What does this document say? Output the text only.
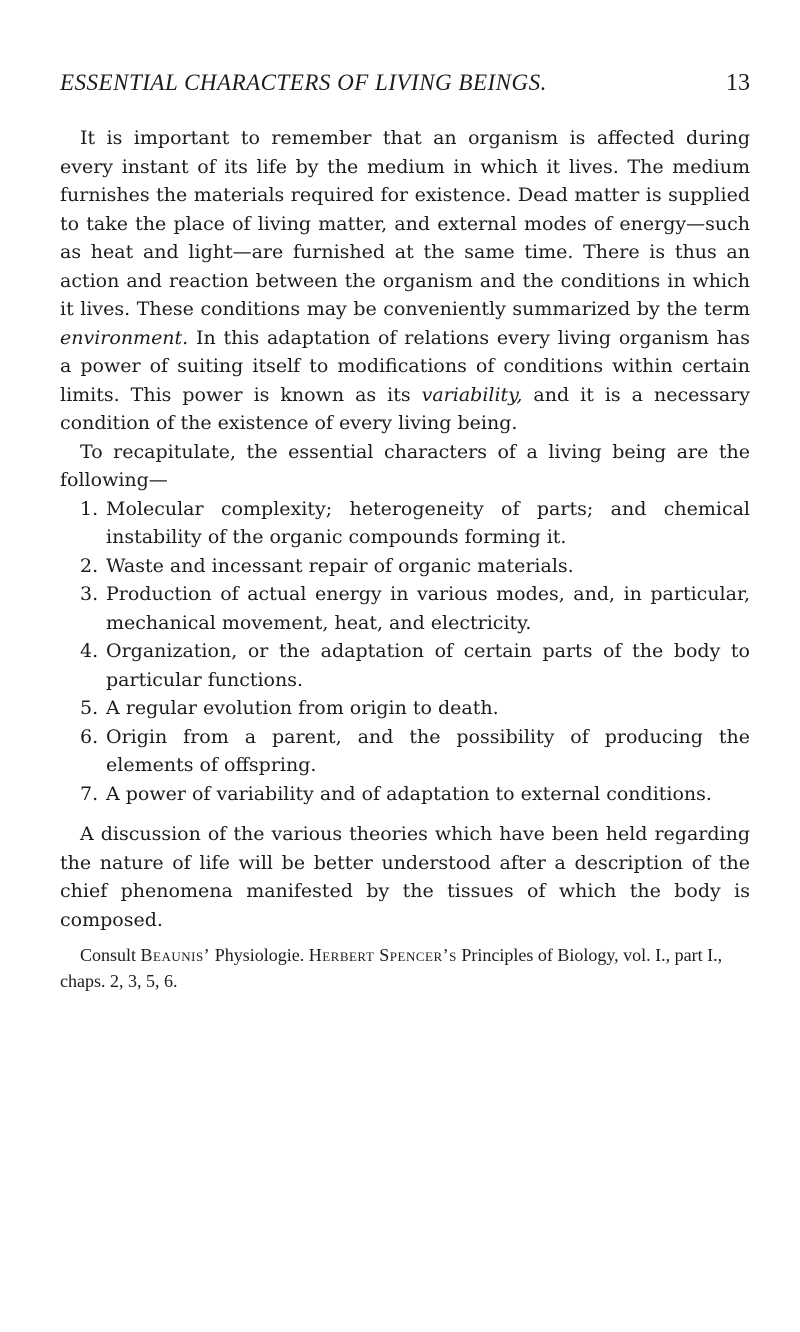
ESSENTIAL CHARACTERS OF LIVING BEINGS.	13

It is important to remember that an organism is affected during every instant of its life by the medium in which it lives. The medium furnishes the materials required for existence. Dead matter is supplied to take the place of living matter, and external modes of energy—such as heat and light—are furnished at the same time. There is thus an action and reaction between the organism and the conditions in which it lives. These conditions may be conveniently summarized by the term environment. In this adaptation of relations every living organism has a power of suiting itself to modifications of conditions within certain limits. This power is known as its variability, and it is a necessary condition of the existence of every living being.

To recapitulate, the essential characters of a living being are the following—

1. Molecular complexity; heterogeneity of parts; and chemical instability of the organic compounds forming it.
2. Waste and incessant repair of organic materials.
3. Production of actual energy in various modes, and, in particular, mechanical movement, heat, and electricity.
4. Organization, or the adaptation of certain parts of the body to particular functions.
5. A regular evolution from origin to death.
6. Origin from a parent, and the possibility of producing the elements of offspring.
7. A power of variability and of adaptation to external conditions.

A discussion of the various theories which have been held regarding the nature of life will be better understood after a description of the chief phenomena manifested by the tissues of which the body is composed.

Consult Beaunis’ Physiologie. Herbert Spencer’s Principles of Biology, vol. I., part I., chaps. 2, 3, 5, 6.
